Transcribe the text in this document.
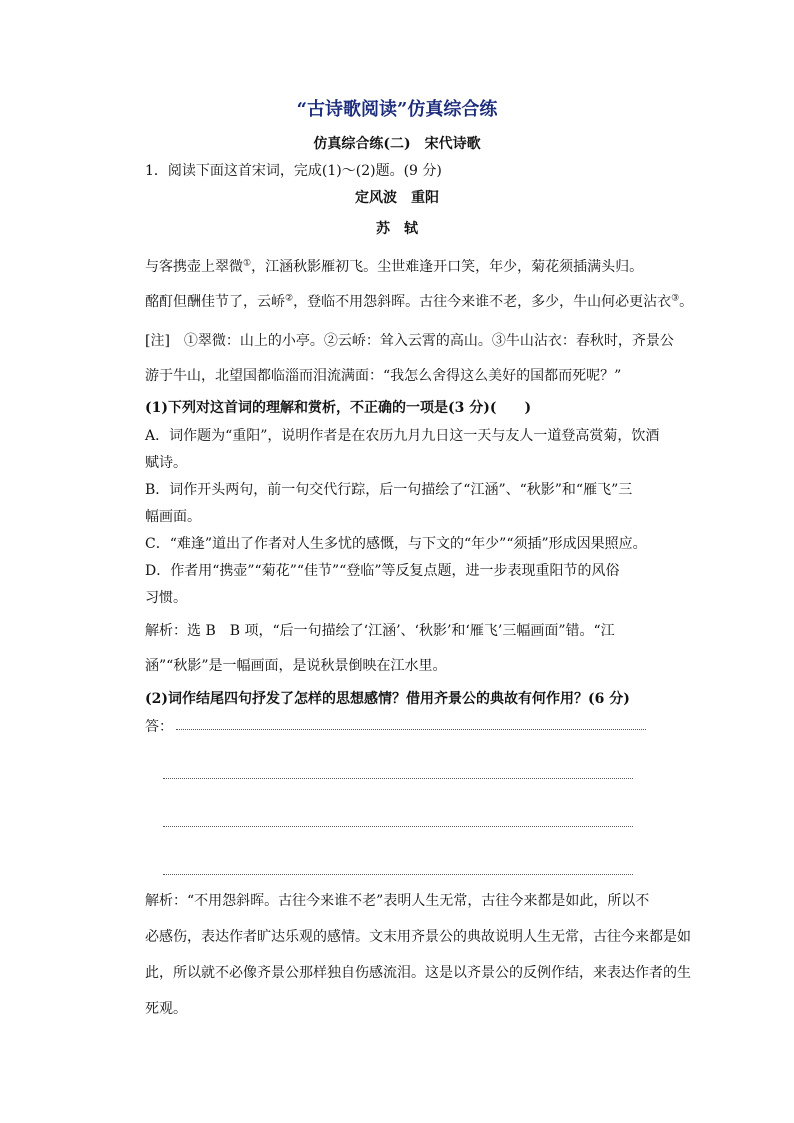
“古诗歌阅读”仿真综合练
仿真综合练(二)　宋代诗歌
1．阅读下面这首宋词，完成(1)～(2)题。(9 分)
定风波　重阳
苏　轼
与客携壶上翠微①，江涵秋影雁初飞。尘世难逢开口笑，年少，菊花须插满头归。
酩酊但酬佳节了，云峤②，登临不用怨斜晖。古往今来谁不老，多少，牛山何必更沾衣③。
[注]　①翠微：山上的小亭。②云峤：耸入云霄的高山。③牛山沾衣：春秋时，齐景公
游于牛山，北望国都临淄而泪流满面：“我怎么舍得这么美好的国都而死呢？”
(1)下列对这首词的理解和赏析，不正确的一项是(3 分)(　　)
A．词作题为“重阳”，说明作者是在农历九月九日这一天与友人一道登高赏菊，饮酒
赋诗。
B．词作开头两句，前一句交代行踪，后一句描绘了“江涵”、“秋影”和“雁飞”三
幅画面。
C．“难逢”道出了作者对人生多忧的感慨，与下文的“年少”“须插”形成因果照应。
D．作者用“携壶”“菊花”“佳节”“登临”等反复点题，进一步表现重阳节的风俗
习惯。
解析：选 B　B 项，“后一句描绘了‘江涵’、‘秋影’和‘雁飞’三幅画面”错。“江
涵”“秋影”是一幅画面，是说秋景倒映在江水里。
(2)词作结尾四句抒发了怎样的思想感情？借用齐景公的典故有何作用？(6 分)
答：
解析：“不用怨斜晖。古往今来谁不老”表明人生无常，古往今来都是如此，所以不
必感伤，表达作者旷达乐观的感情。文末用齐景公的典故说明人生无常，古往今来都是如
此，所以就不必像齐景公那样独自伤感流泪。这是以齐景公的反例作结，来表达作者的生
死观。
